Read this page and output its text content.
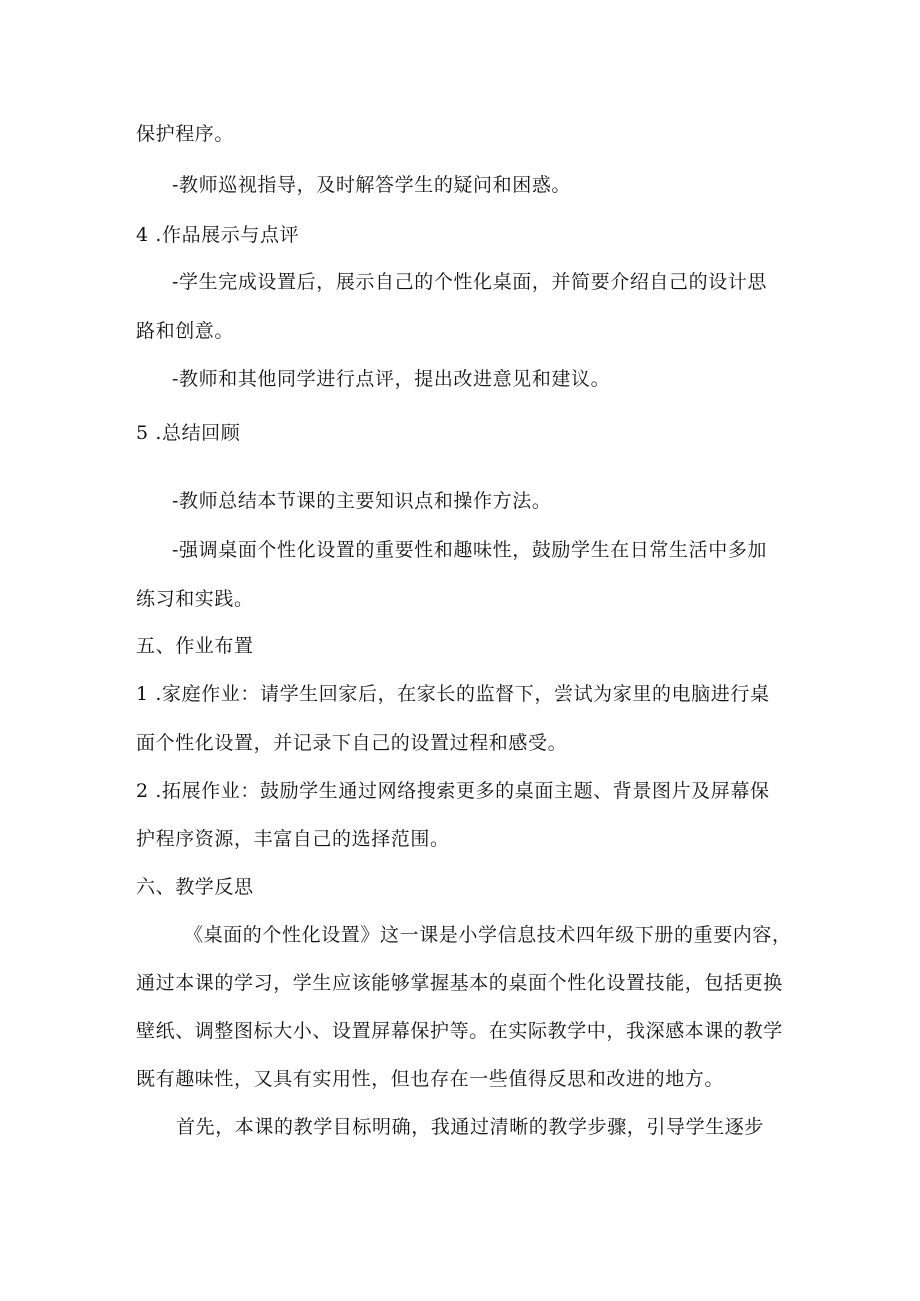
保护程序。
-教师巡视指导，及时解答学生的疑问和困惑。
4 .作品展示与点评
-学生完成设置后，展示自己的个性化桌面，并简要介绍自己的设计思
路和创意。
-教师和其他同学进行点评，提出改进意见和建议。
5 .总结回顾
-教师总结本节课的主要知识点和操作方法。
-强调桌面个性化设置的重要性和趣味性，鼓励学生在日常生活中多加
练习和实践。
五、作业布置
1 .家庭作业：请学生回家后，在家长的监督下，尝试为家里的电脑进行桌
面个性化设置，并记录下自己的设置过程和感受。
2 .拓展作业：鼓励学生通过网络搜索更多的桌面主题、背景图片及屏幕保
护程序资源，丰富自己的选择范围。
六、教学反思
《桌面的个性化设置》这一课是小学信息技术四年级下册的重要内容，
通过本课的学习，学生应该能够掌握基本的桌面个性化设置技能，包括更换
壁纸、调整图标大小、设置屏幕保护等。在实际教学中，我深感本课的教学
既有趣味性，又具有实用性，但也存在一些值得反思和改进的地方。
首先，本课的教学目标明确，我通过清晰的教学步骤，引导学生逐步
